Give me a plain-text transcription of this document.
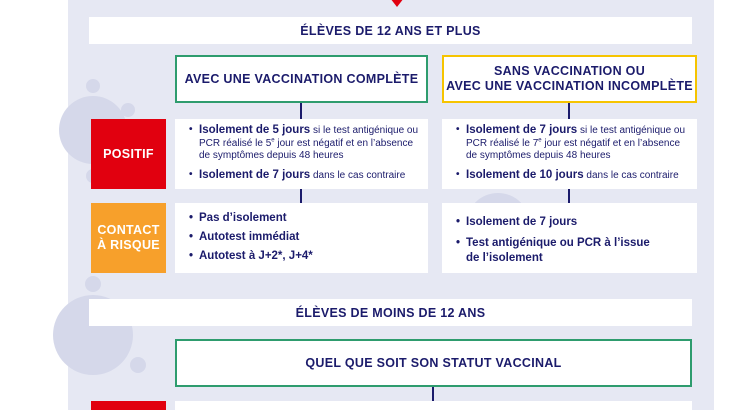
ÉLÈVES DE 12 ANS ET PLUS
AVEC UNE VACCINATION COMPLÈTE
SANS VACCINATION OU
AVEC UNE VACCINATION INCOMPLÈTE
POSITIF
• Isolement de 5 jours si le test antigénique ou PCR réalisé le 5e jour est négatif et en l’absence de symptômes depuis 48 heures
• Isolement de 7 jours dans le cas contraire
• Isolement de 7 jours si le test antigénique ou PCR réalisé le 7e jour est négatif et en l’absence de symptômes depuis 48 heures
• Isolement de 10 jours dans le cas contraire
CONTACT
À RISQUE
• Pas d’isolement
• Autotest immédiat
• Autotest à J+2*, J+4*
• Isolement de 7 jours
• Test antigénique ou PCR à l’issue
de l’isolement
ÉLÈVES DE MOINS DE 12 ANS
QUEL QUE SOIT SON STATUT VACCINAL
